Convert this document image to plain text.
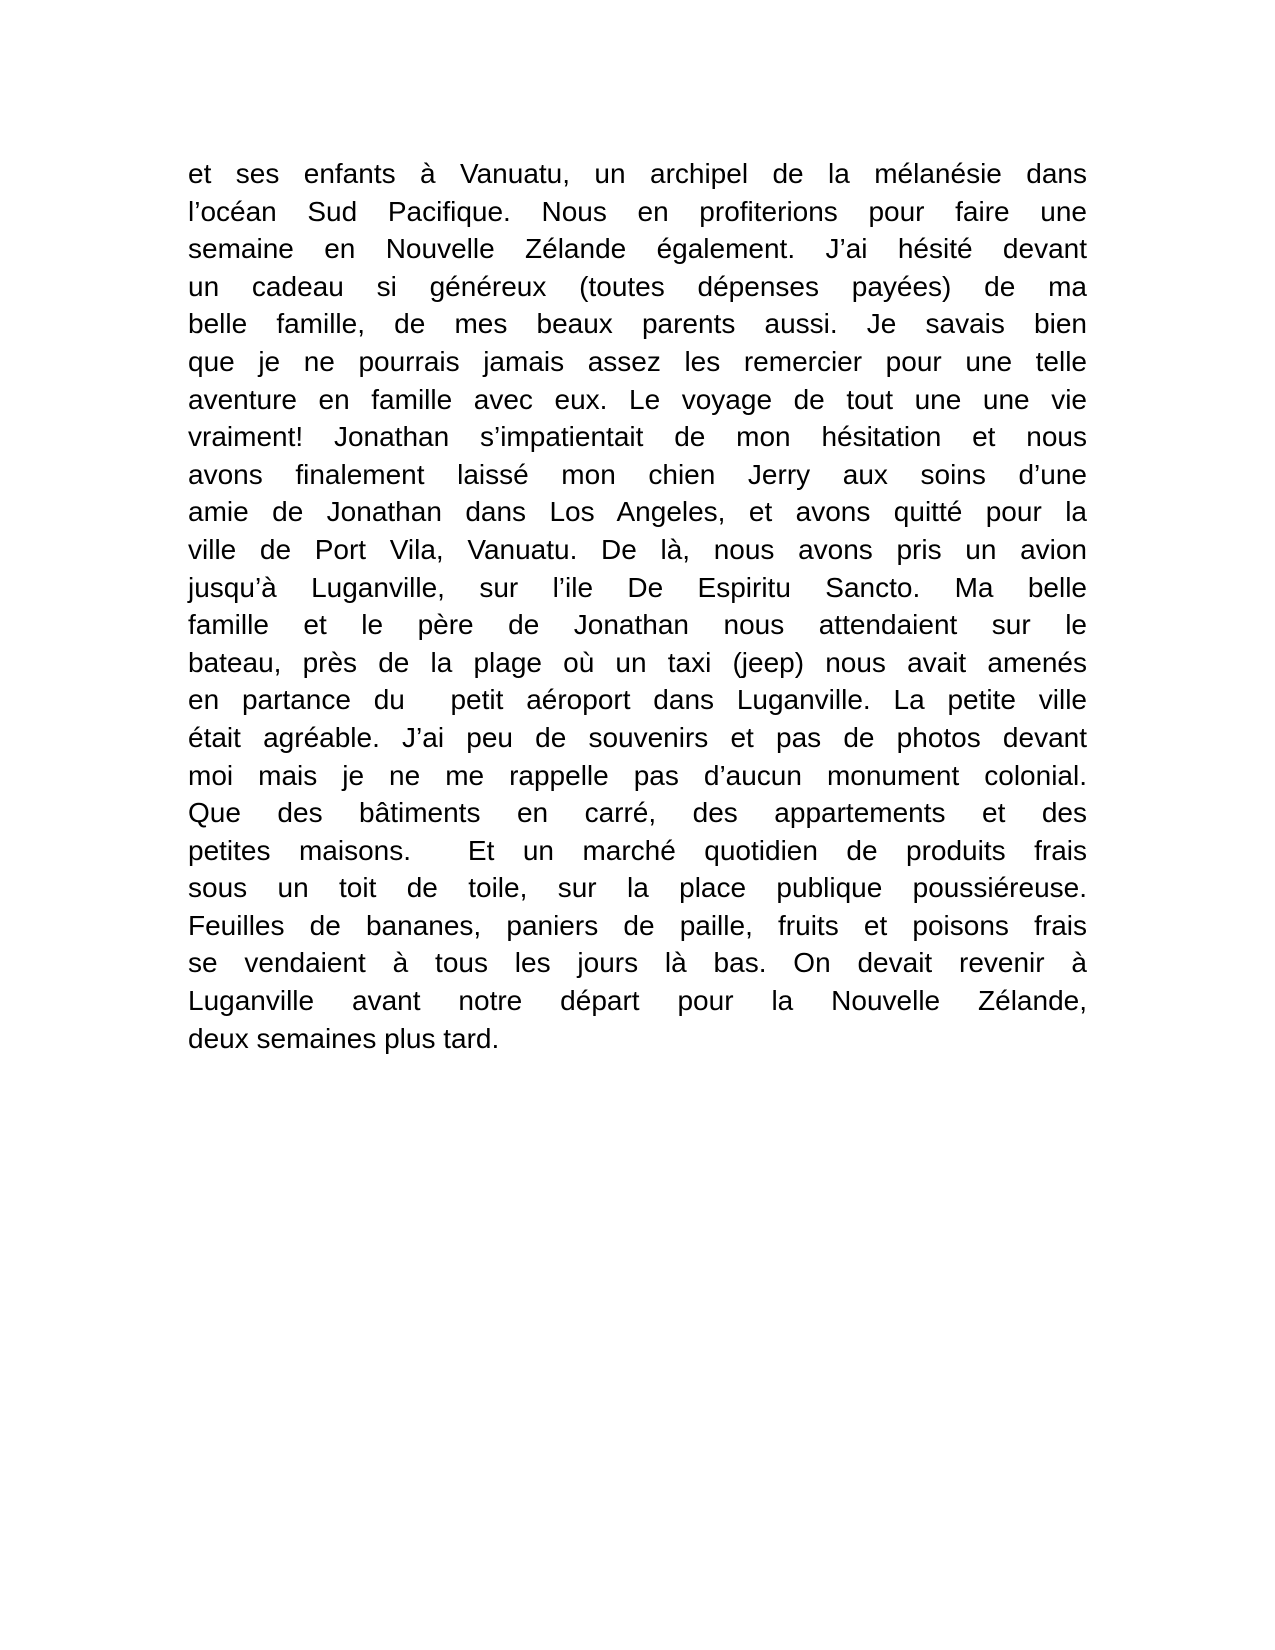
et ses enfants à Vanuatu, un archipel de la mélanésie dans
l’océan Sud Pacifique. Nous en profiterions pour faire une
semaine en Nouvelle Zélande également. J’ai hésité devant
un cadeau si généreux (toutes dépenses payées) de ma
belle famille, de mes beaux parents aussi. Je savais bien
que je ne pourrais jamais assez les remercier pour une telle
aventure en famille avec eux. Le voyage de tout une une vie
vraiment! Jonathan s’impatientait de mon hésitation et nous
avons finalement laissé mon chien Jerry aux soins d’une
amie de Jonathan dans Los Angeles, et avons quitté pour la
ville de Port Vila, Vanuatu. De là, nous avons pris un avion
jusqu’à Luganville, sur l’ile De Espiritu Sancto. Ma belle
famille et le père de Jonathan nous attendaient sur le
bateau, près de la plage où un taxi (jeep) nous avait amenés
en partance du  petit aéroport dans Luganville. La petite ville
était agréable. J’ai peu de souvenirs et pas de photos devant
moi mais je ne me rappelle pas d’aucun monument colonial.
Que des bâtiments en carré, des appartements et des
petites maisons.  Et un marché quotidien de produits frais
sous un toit de toile, sur la place publique poussiéreuse.
Feuilles de bananes, paniers de paille, fruits et poisons frais
se vendaient à tous les jours là bas. On devait revenir à
Luganville avant notre départ pour la Nouvelle Zélande,
deux semaines plus tard.
